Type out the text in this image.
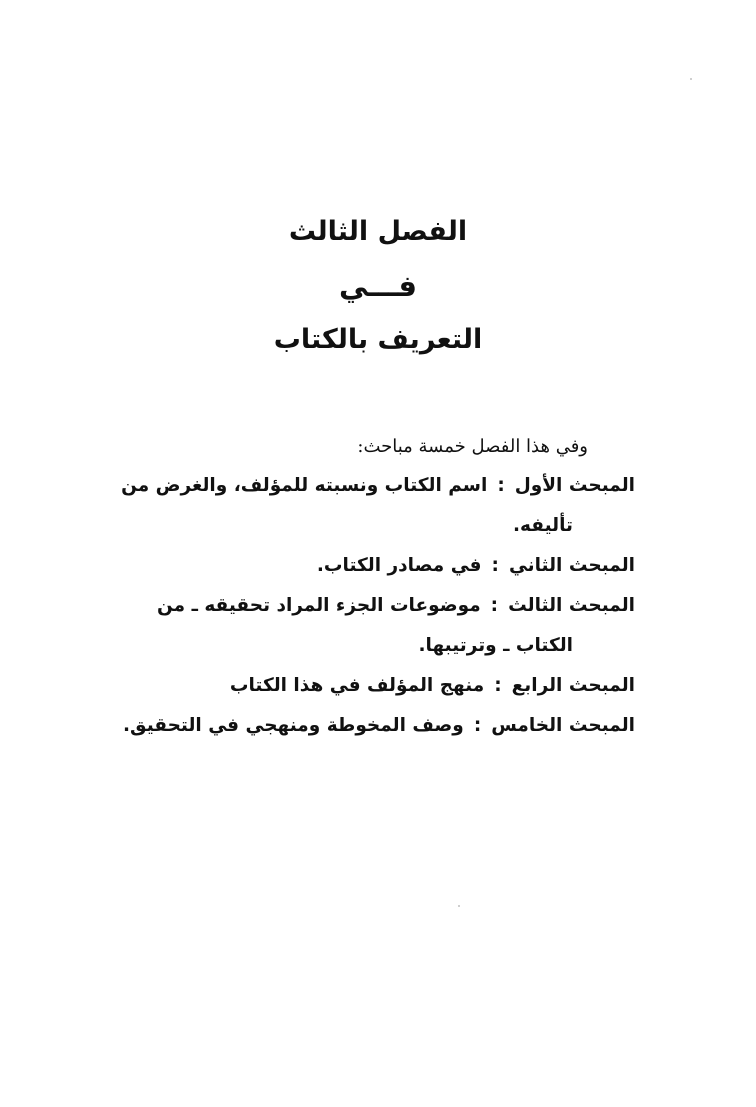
الفصل الثالث
فـــي
التعريف بالكتاب
وفي هذا الفصل خمسة مباحث:
المبحث الأول:اسم الكتاب ونسبته للمؤلف، والغرض من
تأليفه.
المبحث الثاني:في مصادر الكتاب.
المبحث الثالث:موضوعات الجزء المراد تحقيقه ـ من
الكتاب ـ وترتيبها.
المبحث الرابع:منهج المؤلف في هذا الكتاب
المبحث الخامس:وصف المخوطة ومنهجي في التحقيق.
